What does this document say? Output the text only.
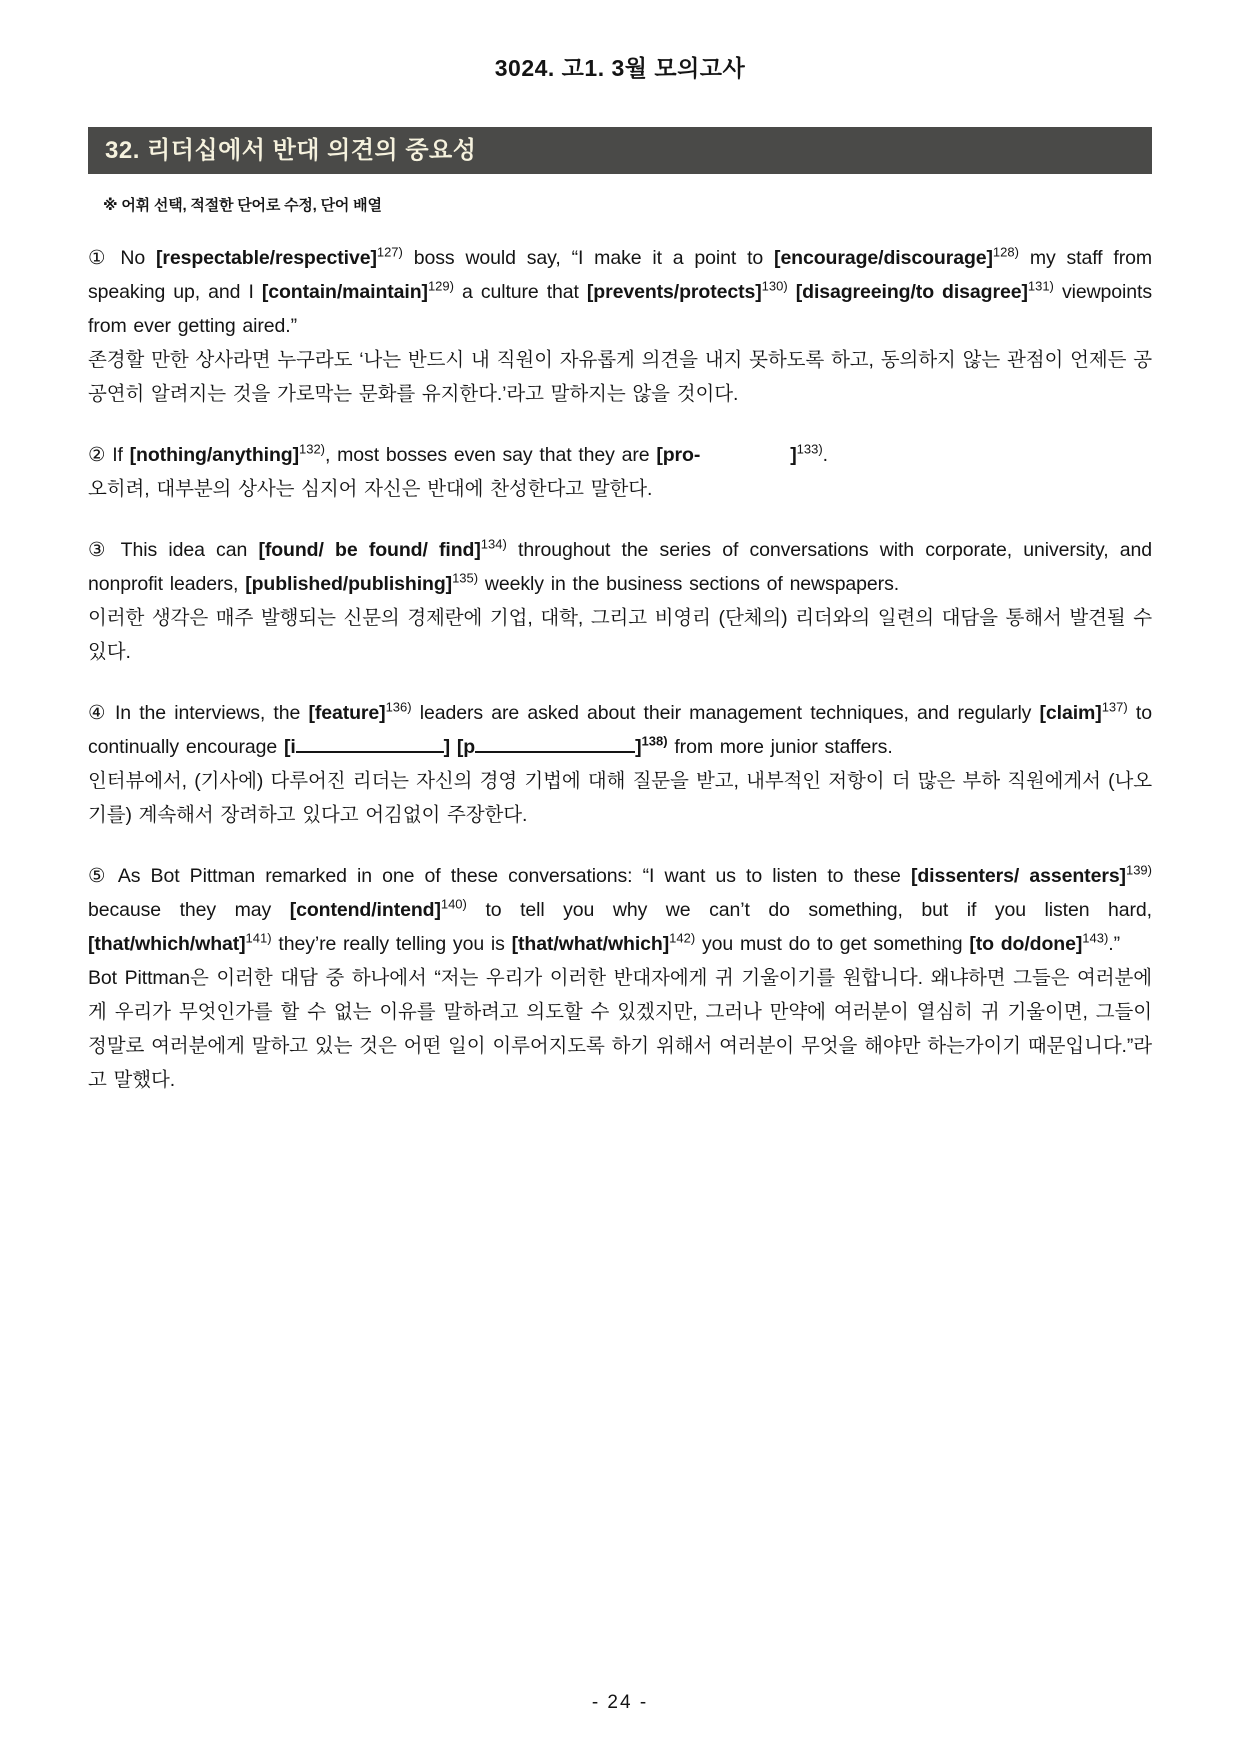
3024. 고1. 3월 모의고사
32. 리더십에서 반대 의견의 중요성
※ 어휘 선택, 적절한 단어로 수정, 단어 배열

① No [respectable/respective]$^{127)}$ boss would say, “I make it a point to [encourage/discourage]$^{128)}$ my staff from speaking up, and I [contain/maintain]$^{129)}$ a culture that [prevents/protects]$^{130)}$ [disagreeing/to disagree]$^{131)}$ viewpoints from ever getting aired.”

존경할 만한 상사라면 누구라도 ‘나는 반드시 내 직원이 자유롭게 의견을 내지 못하도록 하고, 동의하지 않는 관점이 언제든 공공연히 알려지는 것을 가로막는 문화를 유지한다.’라고 말하지는 않을 것이다.

② If [nothing/anything]$^{132)}$, most bosses even say that they are [pro-	]$^{133)}$.

오히려, 대부분의 상사는 심지어 자신은 반대에 찬성한다고 말한다.

③ This idea can [found/ be found/ find]$^{134)}$ throughout the series of conversations with corporate, university, and nonprofit leaders, [published/publishing]$^{135)}$ weekly in the business sections of newspapers.

이러한 생각은 매주 발행되는 신문의 경제란에 기업, 대학, 그리고 비영리 (단체의) 리더와의 일련의 대담을 통해서 발견될 수 있다.

④ In the interviews, the [feature]$^{136)}$ leaders are asked about their management techniques, and regularly [claim]$^{137)}$ to continually encourage [i	] [p	]$^{138)}$ from more junior staffers.

인터뷰에서, (기사에) 다루어진 리더는 자신의 경영 기법에 대해 질문을 받고, 내부적인 저항이 더 많은 부하 직원에게서 (나오기를) 계속해서 장려하고 있다고 어김없이 주장한다.

⑤ As Bot Pittman remarked in one of these conversations: “I want us to listen to these [dissenters/ assenters]$^{139)}$ because they may [contend/intend]$^{140)}$ to tell you why we can’t do something, but if you listen hard, [that/which/what]$^{141)}$ they’re really telling you is [that/what/which]$^{142)}$ you must do to get something [to do/done]$^{143)}$.”

Bot Pittman은 이러한 대담 중 하나에서 “저는 우리가 이러한 반대자에게 귀 기울이기를 원합니다. 왜냐하면 그들은 여러분에게 우리가 무엇인가를 할 수 없는 이유를 말하려고 의도할 수 있겠지만, 그러나 만약에 여러분이 열심히 귀 기울이면, 그들이 정말로 여러분에게 말하고 있는 것은 어떤 일이 이루어지도록 하기 위해서 여러분이 무엇을 해야만 하는가이기 때문입니다.”라고 말했다.

- 24 -
